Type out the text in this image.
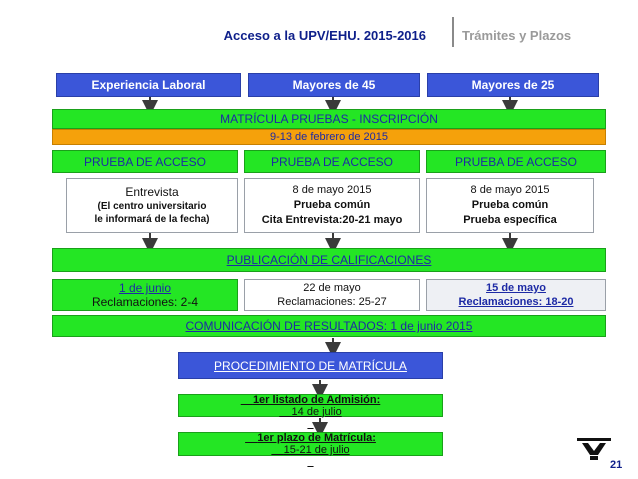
Acceso a la UPV/EHU. 2015-2016	Trámites y Plazos
Experiencia Laboral	Mayores de 45	Mayores de 25
MATRÍCULA PRUEBAS - INSCRIPCIÓN
9-13 de febrero de 2015
PRUEBA DE ACCESO	PRUEBA DE ACCESO	PRUEBA DE ACCESO
Entrevista
(El centro universitario
le informará de la fecha)
8 de mayo 2015
Prueba común
Cita Entrevista:20-21 mayo
8 de mayo 2015
Prueba común
Prueba específica
PUBLICACIÓN DE CALIFICACIONES
1 de junio
Reclamaciones: 2-4
22 de mayo
Reclamaciones: 25-27
15 de mayo
Reclamaciones: 18-20
COMUNICACIÓN DE RESULTADOS: 1 de junio 2015
PROCEDIMIENTO DE MATRÍCULA

1er listado de Admisión:
14 de julio

1er plazo de Matrícula:
15-21 de julio

21
